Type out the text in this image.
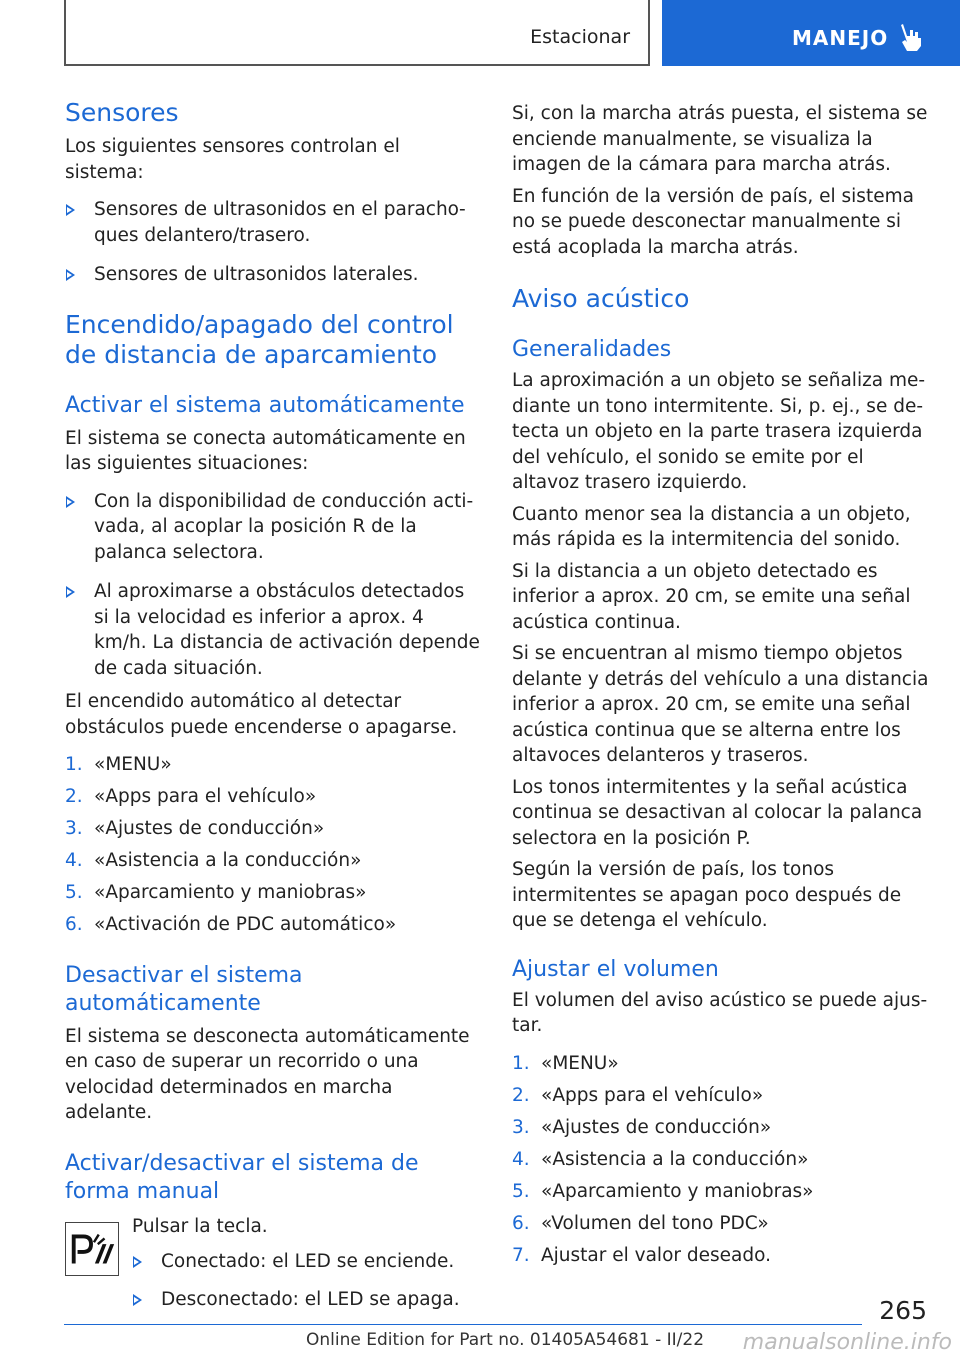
Estacionar	MANEJO
Sensores
Los siguientes sensores controlan el sistema:
Sensores de ultrasonidos en el parachoques delantero/trasero.
Sensores de ultrasonidos laterales.
Encendido/apagado del control de distancia de aparcamiento
Activar el sistema automáticamente
El sistema se conecta automáticamente en las siguientes situaciones:
Con la disponibilidad de conducción activada, al acoplar la posición R de la palanca selectora.
Al aproximarse a obstáculos detectados si la velocidad es inferior a aprox. 4 km/h. La distancia de activación depende de cada situación.
El encendido automático al detectar obstáculos puede encenderse o apagarse.
1. «MENU»
2. «Apps para el vehículo»
3. «Ajustes de conducción»
4. «Asistencia a la conducción»
5. «Aparcamiento y maniobras»
6. «Activación de PDC automático»
Desactivar el sistema automáticamente
El sistema se desconecta automáticamente en caso de superar un recorrido o una velocidad determinados en marcha adelante.
Activar/desactivar el sistema de forma manual
Pulsar la tecla.
Conectado: el LED se enciende.
Desconectado: el LED se apaga.
Si, con la marcha atrás puesta, el sistema se enciende manualmente, se visualiza la imagen de la cámara para marcha atrás.
En función de la versión de país, el sistema no se puede desconectar manualmente si está acoplada la marcha atrás.
Aviso acústico
Generalidades
La aproximación a un objeto se señaliza mediante un tono intermitente. Si, p. ej., se detecta un objeto en la parte trasera izquierda del vehículo, el sonido se emite por el altavoz trasero izquierdo.
Cuanto menor sea la distancia a un objeto, más rápida es la intermitencia del sonido.
Si la distancia a un objeto detectado es inferior a aprox. 20 cm, se emite una señal acústica continua.
Si se encuentran al mismo tiempo objetos delante y detrás del vehículo a una distancia inferior a aprox. 20 cm, se emite una señal acústica continua que se alterna entre los altavoces delanteros y traseros.
Los tonos intermitentes y la señal acústica continua se desactivan al colocar la palanca selectora en la posición P.
Según la versión de país, los tonos intermitentes se apagan poco después de que se detenga el vehículo.
Ajustar el volumen
El volumen del aviso acústico se puede ajustar.
1. «MENU»
2. «Apps para el vehículo»
3. «Ajustes de conducción»
4. «Asistencia a la conducción»
5. «Aparcamiento y maniobras»
6. «Volumen del tono PDC»
7. Ajustar el valor deseado.
265
Online Edition for Part no. 01405A54681 - II/22 manualsonline.info
